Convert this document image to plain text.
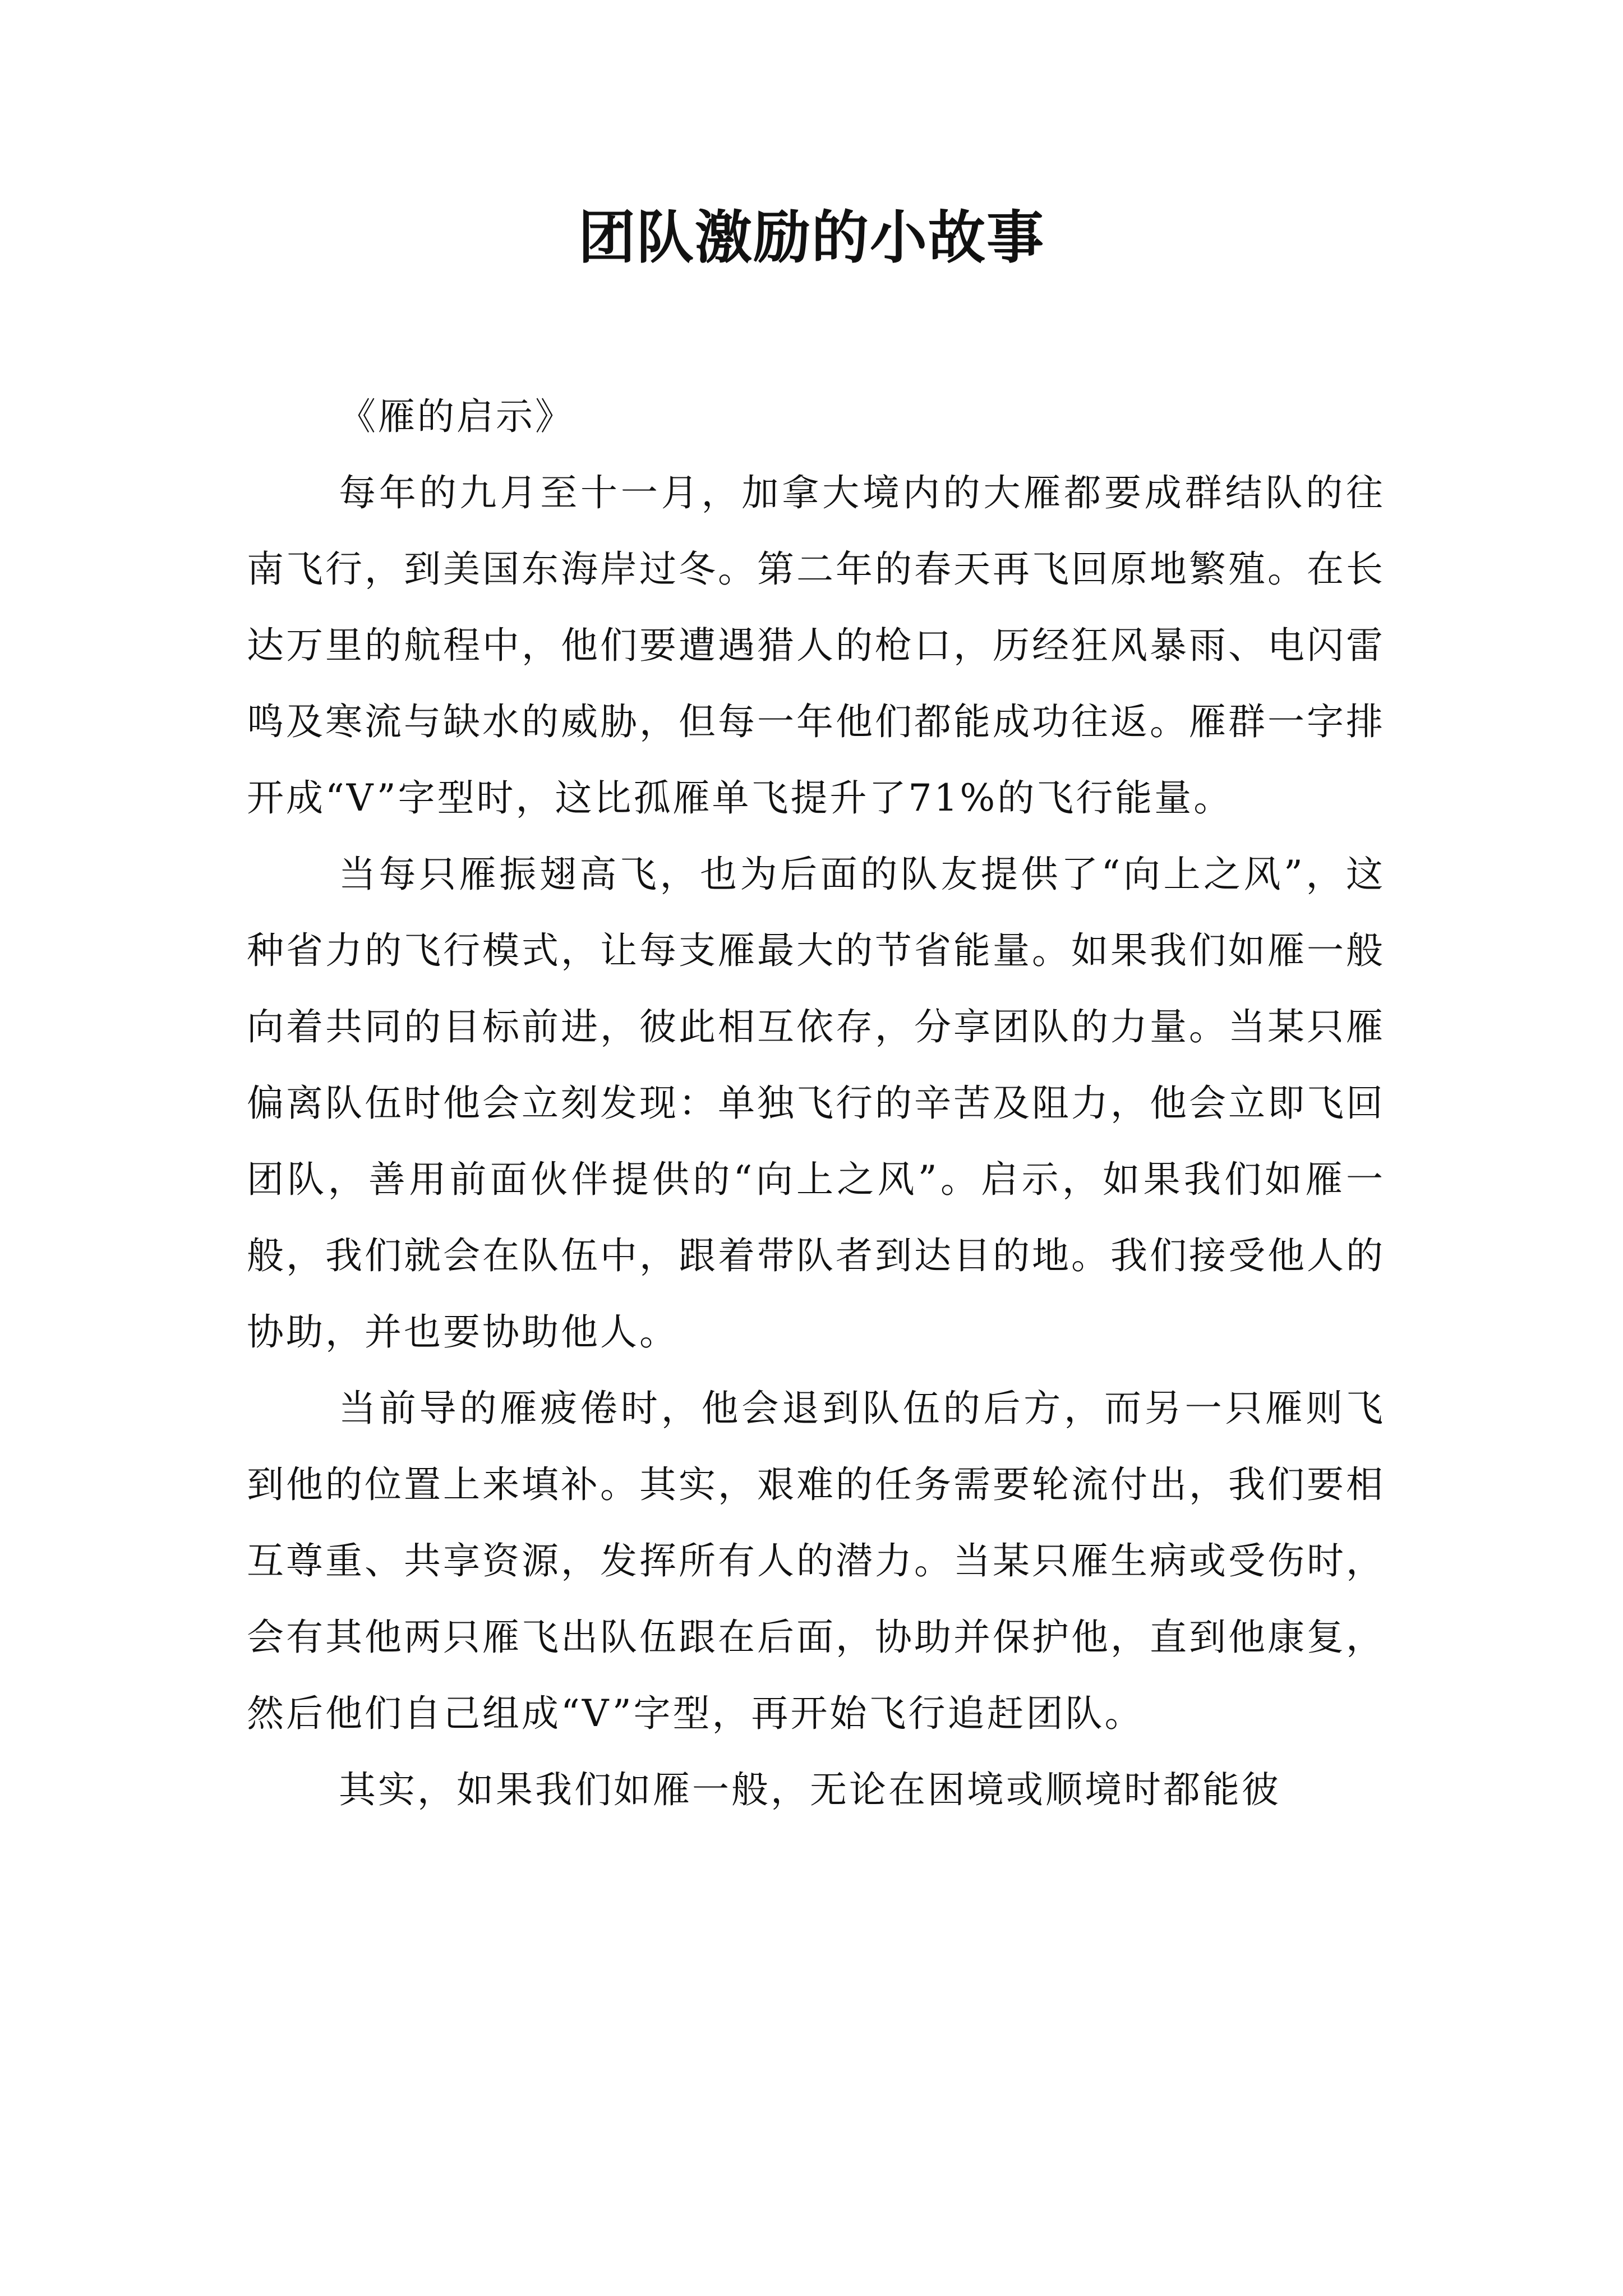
团队激励的小故事

《雁的启示》

每年的九月至十一月，加拿大境内的大雁都要成群结队的往南飞行，到美国东海岸过冬。第二年的春天再飞回原地繁殖。在长达万里的航程中，他们要遭遇猎人的枪口，历经狂风暴雨、电闪雷鸣及寒流与缺水的威胁，但每一年他们都能成功往返。雁群一字排开成“V”字型时，这比孤雁单飞提升了71%的飞行能量。

当每只雁振翅高飞，也为后面的队友提供了“向上之风”，这种省力的飞行模式，让每支雁最大的节省能量。如果我们如雁一般向着共同的目标前进，彼此相互依存，分享团队的力量。当某只雁偏离队伍时他会立刻发现：单独飞行的辛苦及阻力，他会立即飞回团队，善用前面伙伴提供的“向上之风”。启示，如果我们如雁一般，我们就会在队伍中，跟着带队者到达目的地。我们接受他人的协助，并也要协助他人。

当前导的雁疲倦时，他会退到队伍的后方，而另一只雁则飞到他的位置上来填补。其实，艰难的任务需要轮流付出，我们要相互尊重、共享资源，发挥所有人的潜力。当某只雁生病或受伤时，会有其他两只雁飞出队伍跟在后面，协助并保护他，直到他康复，然后他们自己组成“V”字型，再开始飞行追赶团队。

其实，如果我们如雁一般，无论在困境或顺境时都能彼
